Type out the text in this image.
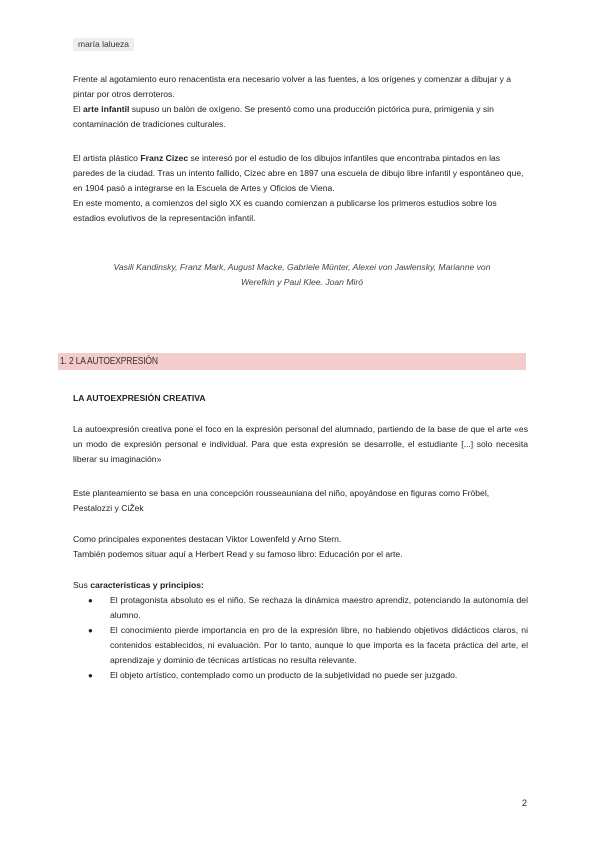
maría lalueza

Frente al agotamiento euro renacentista era necesario volver a las fuentes, a los orígenes y comenzar a dibujar y a pintar por otros derroteros.

El arte infantil supuso un balón de oxígeno. Se presentó como una producción pictórica pura, primigenia y sin contaminación de tradiciones culturales.

El artista plástico Franz Cizec se interesó por el estudio de los dibujos infantiles que encontraba pintados en las paredes de la ciudad. Tras un intento fallido, Cizec abre en 1897 una escuela de dibujo libre infantil y espontáneo que, en 1904 pasó a integrarse en la Escuela de Artes y Oficios de Viena.

En este momento, a comienzos del siglo XX es cuando comienzan a publicarse los primeros estudios sobre los estadios evolutivos de la representación infantil.

Vasili Kandinsky, Franz Mark, August Macke, Gabriele Münter, Alexei von Jawlensky, Marianne von

Werefkin y Paul Klee. Joan Miró

1. 2 LA AUTOEXPRESIÓN

LA AUTOEXPRESIÓN CREATIVA

La autoexpresión creativa pone el foco en la expresión personal del alumnado, partiendo de la base de que el arte «es un modo de expresión personal e individual. Para que esta expresión se desarrolle, el estudiante [...] solo necesita liberar su imaginación»

Este planteamiento se basa en una concepción rousseauniana del niño, apoyándose en figuras como Fröbel, Pestalozzi y CiŽek

Como principales exponentes destacan Viktor Lowenfeld y Arno Stern.

También podemos situar aquí a Herbert Read y su famoso libro: Educación por el arte.

Sus características y principios:

● El protagonista absoluto es el niño. Se rechaza la dinámica maestro aprendiz, potenciando la autonomía del alumno.
● El conocimiento pierde importancia en pro de la expresión libre, no habiendo objetivos didácticos claros, ni contenidos establecidos, ni evaluación. Por lo tanto, aunque lo que importa es la faceta práctica del arte, el aprendizaje y dominio de técnicas artísticas no resulta relevante.
● El objeto artístico, contemplado como un producto de la subjetividad no puede ser juzgado.
2
